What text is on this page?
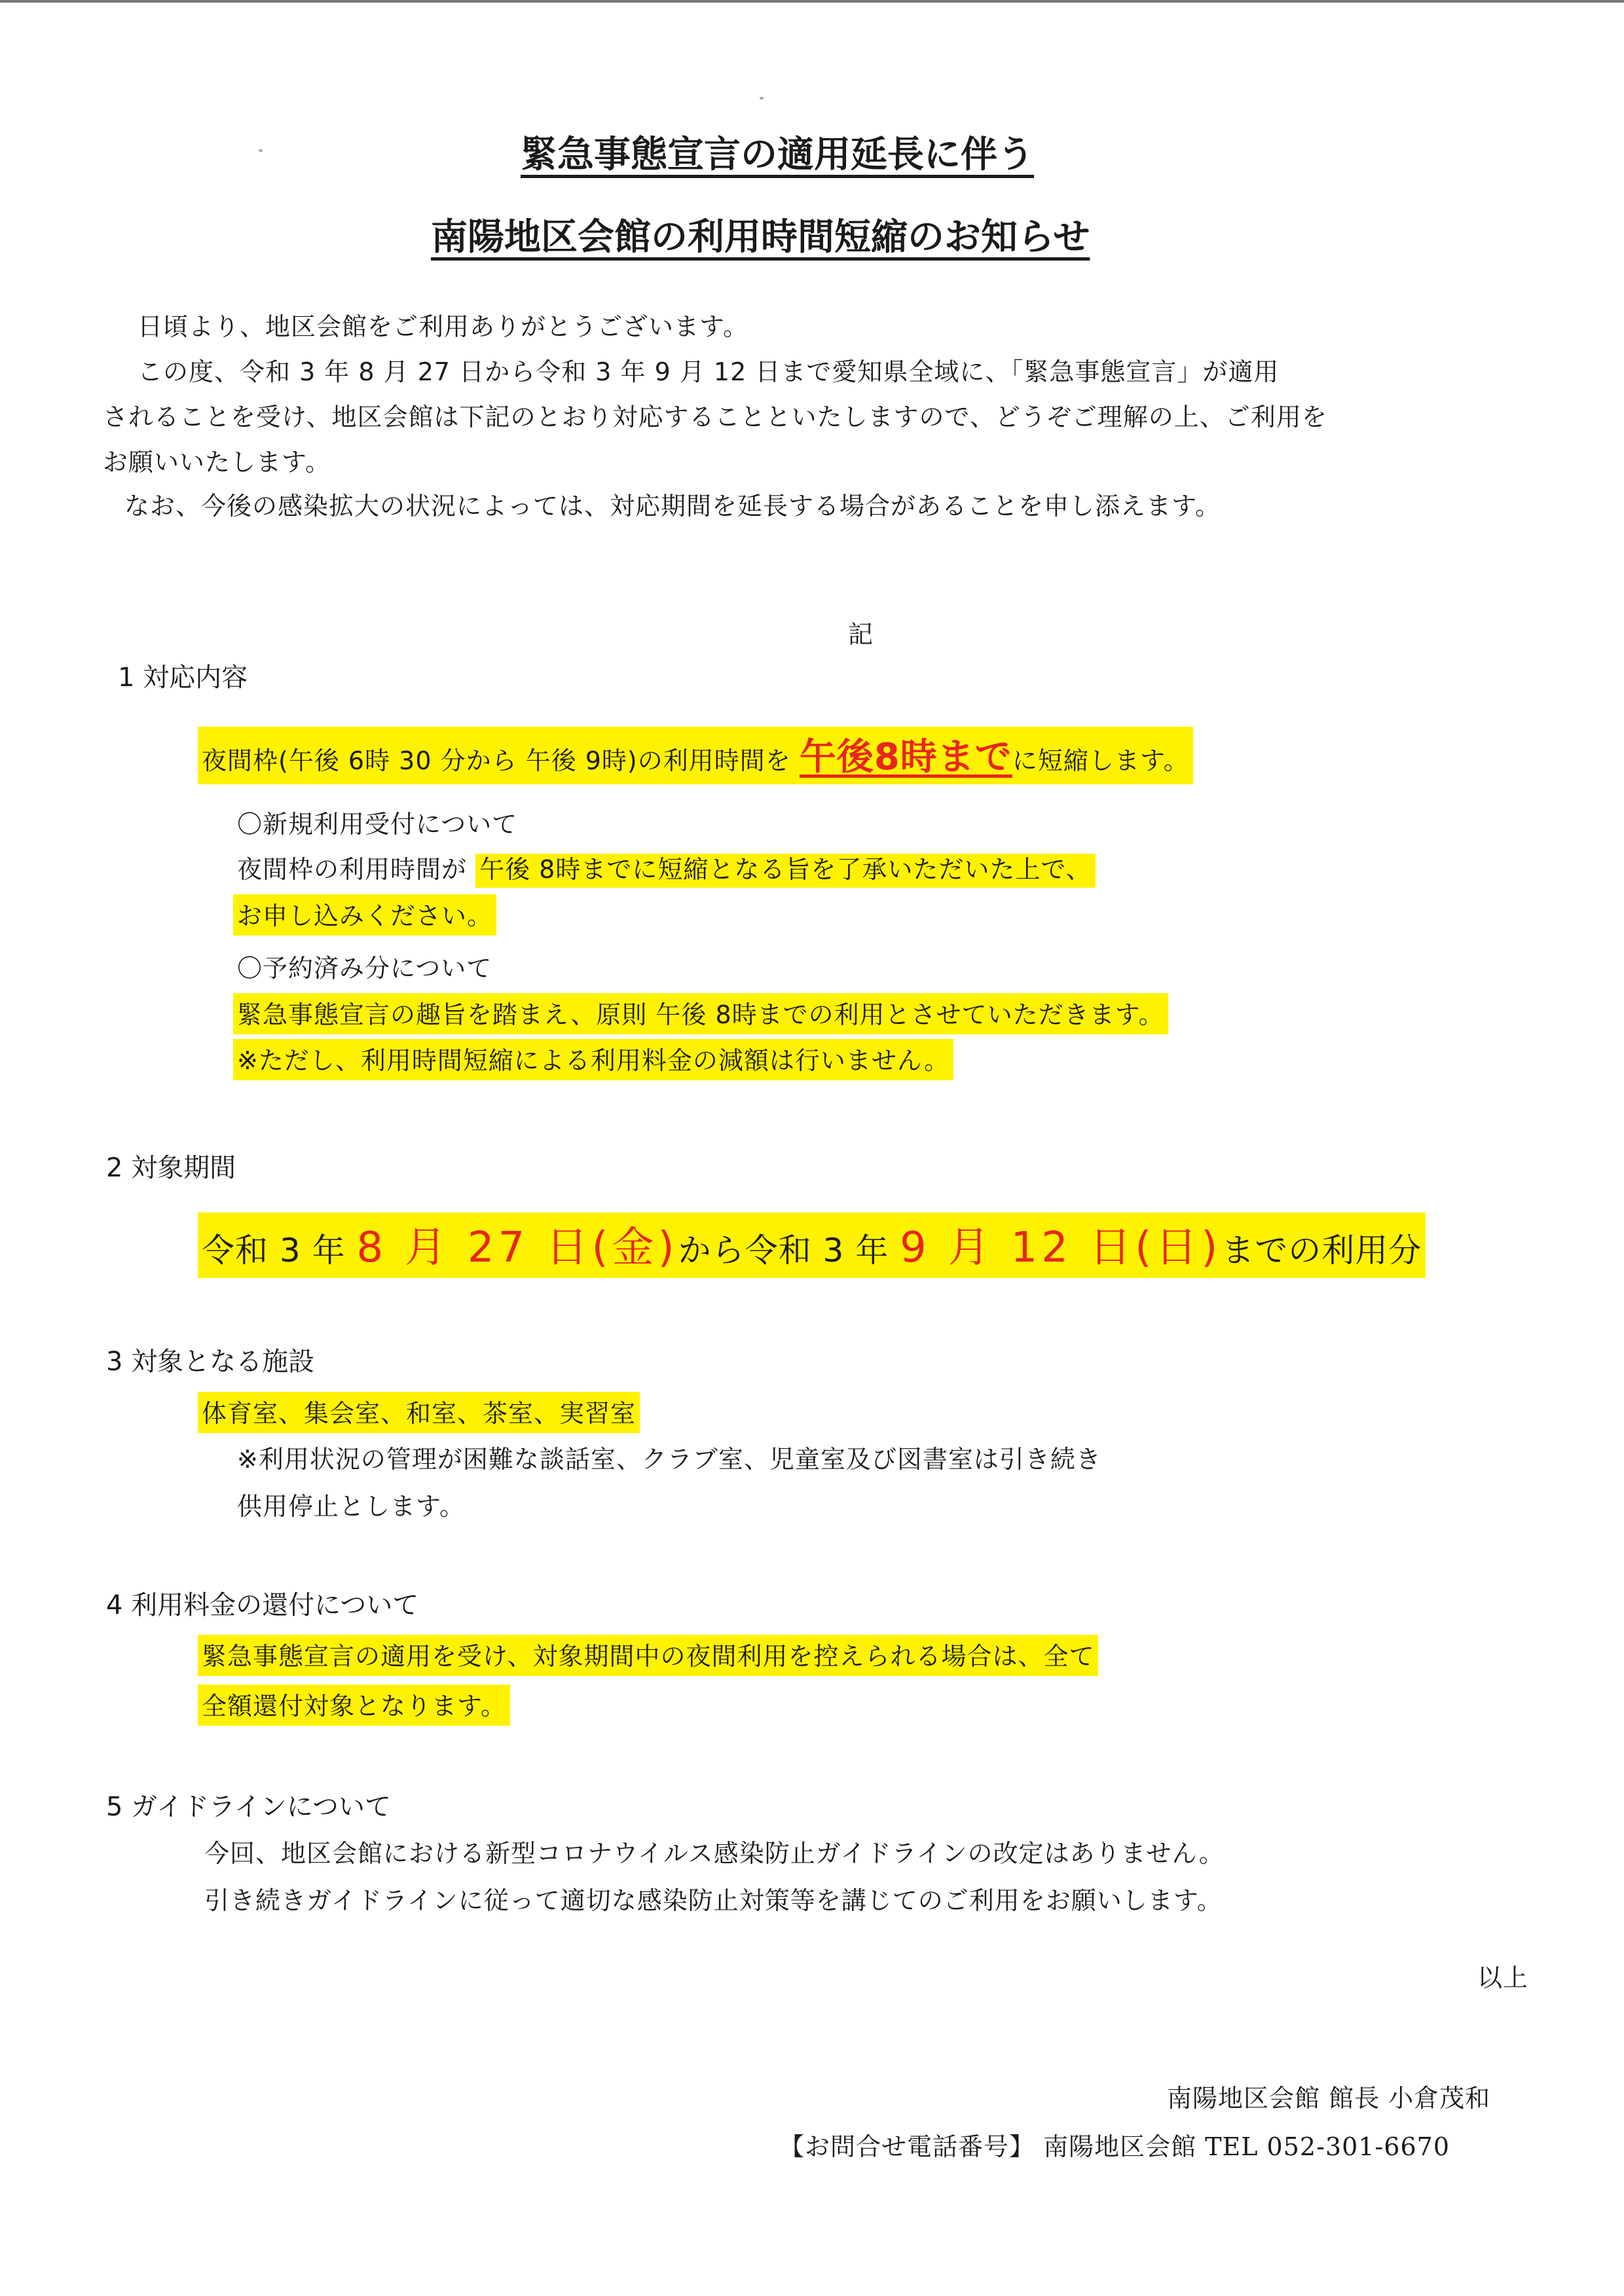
緊急事態宣言の適用延長に伴う
南陽地区会館の利用時間短縮のお知らせ
日頃より、地区会館をご利用ありがとうございます。
この度、令和 3 年 8 月 27 日から令和 3 年 9 月 12 日まで愛知県全域に、「緊急事態宣言」が適用
されることを受け、地区会館は下記のとおり対応することといたしますので、どうぞご理解の上、ご利用を
お願いいたします。
なお、今後の感染拡大の状況によっては、対応期間を延長する場合があることを申し添えます。
記
1 対応内容
夜間枠(午後 6時 30 分から 午後 9時)の利用時間を 午後8時までに短縮します。
〇新規利用受付について
夜間枠の利用時間が 午後 8時までに短縮となる旨を了承いただいた上で、
お申し込みください。
〇予約済み分について
緊急事態宣言の趣旨を踏まえ、原則 午後 8時までの利用とさせていただきます。
※ただし、利用時間短縮による利用料金の減額は行いません。
2 対象期間
令和 3 年 8 月 27 日(金)から令和 3 年 9 月 12 日(日)までの利用分
3 対象となる施設
体育室、集会室、和室、茶室、実習室
※利用状況の管理が困難な談話室、クラブ室、児童室及び図書室は引き続き
供用停止とします。
4 利用料金の還付について
緊急事態宣言の適用を受け、対象期間中の夜間利用を控えられる場合は、全て
全額還付対象となります。
5 ガイドラインについて
今回、地区会館における新型コロナウイルス感染防止ガイドラインの改定はありません。
引き続きガイドラインに従って適切な感染防止対策等を講じてのご利用をお願いします。
以上
南陽地区会館 館長 小倉茂和
【お問合せ電話番号】 南陽地区会館 TEL 052-301-6670
